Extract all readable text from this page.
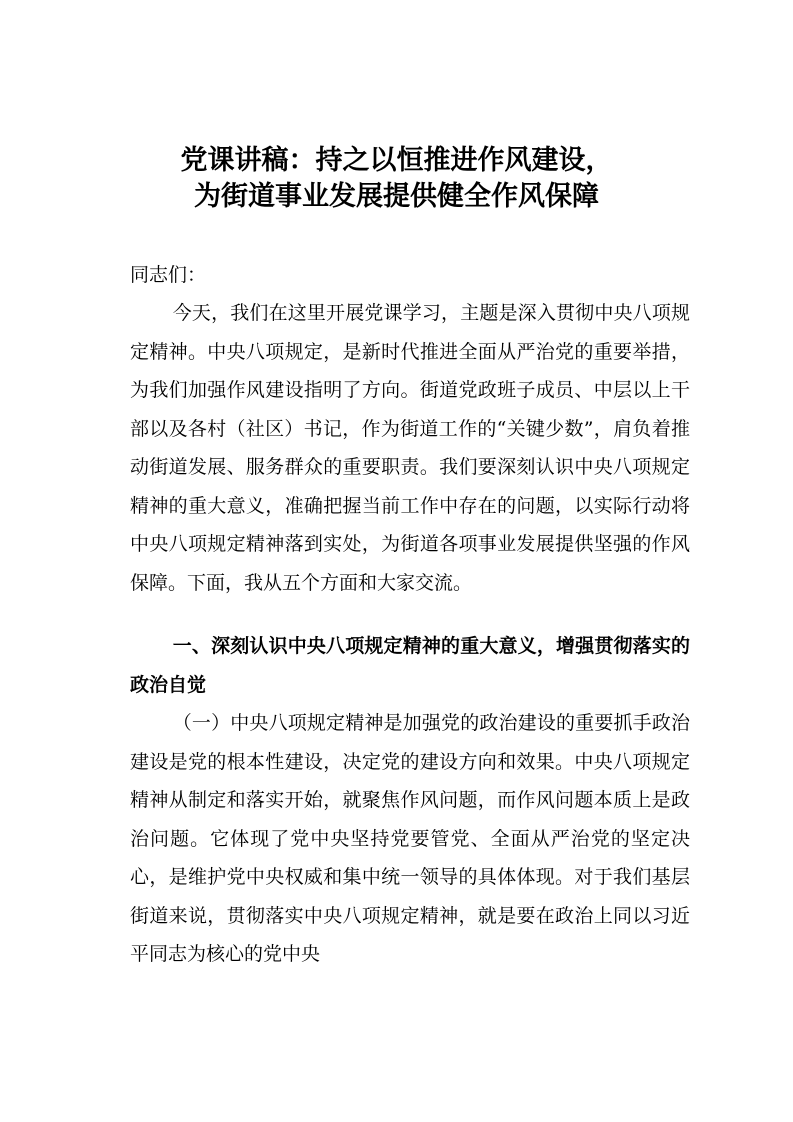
党课讲稿：持之以恒推进作风建设，
为街道事业发展提供健全作风保障
同志们：
今天，我们在这里开展党课学习，主题是深入贯彻中央八项规定精神。中央八项规定，是新时代推进全面从严治党的重要举措，为我们加强作风建设指明了方向。街道党政班子成员、中层以上干部以及各村（社区）书记，作为街道工作的“关键少数”，肩负着推动街道发展、服务群众的重要职责。我们要深刻认识中央八项规定精神的重大意义，准确把握当前工作中存在的问题，以实际行动将中央八项规定精神落到实处，为街道各项事业发展提供坚强的作风保障。下面，我从五个方面和大家交流。
一、深刻认识中央八项规定精神的重大意义，增强贯彻落实的政治自觉
（一）中央八项规定精神是加强党的政治建设的重要抓手政治建设是党的根本性建设，决定党的建设方向和效果。中央八项规定精神从制定和落实开始，就聚焦作风问题，而作风问题本质上是政治问题。它体现了党中央坚持党要管党、全面从严治党的坚定决心，是维护党中央权威和集中统一领导的具体体现。对于我们基层街道来说，贯彻落实中央八项规定精神，就是要在政治上同以习近平同志为核心的党中央
